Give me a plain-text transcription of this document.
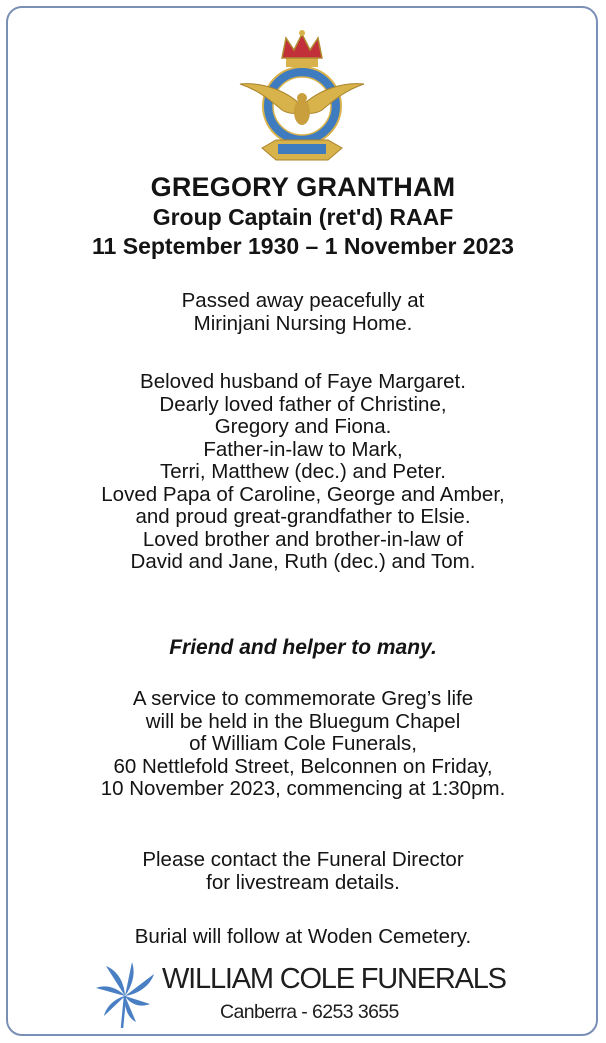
GREGORY GRANTHAM
Group Captain (ret'd) RAAF
11 September 1930 – 1 November 2023
Passed away peacefully at
Mirinjani Nursing Home.
Beloved husband of Faye Margaret.
Dearly loved father of Christine,
Gregory and Fiona.
Father-in-law to Mark,
Terri, Matthew (dec.) and Peter.
Loved Papa of Caroline, George and Amber,
and proud great-grandfather to Elsie.
Loved brother and brother-in-law of
David and Jane, Ruth (dec.) and Tom.
Friend and helper to many.
A service to commemorate Greg’s life
will be held in the Bluegum Chapel
of William Cole Funerals,
60 Nettlefold Street, Belconnen on Friday,
10 November 2023, commencing at 1:30pm.
Please contact the Funeral Director
for livestream details.
Burial will follow at Woden Cemetery.
WILLIAM COLE FUNERALS
Canberra - 6253 3655
